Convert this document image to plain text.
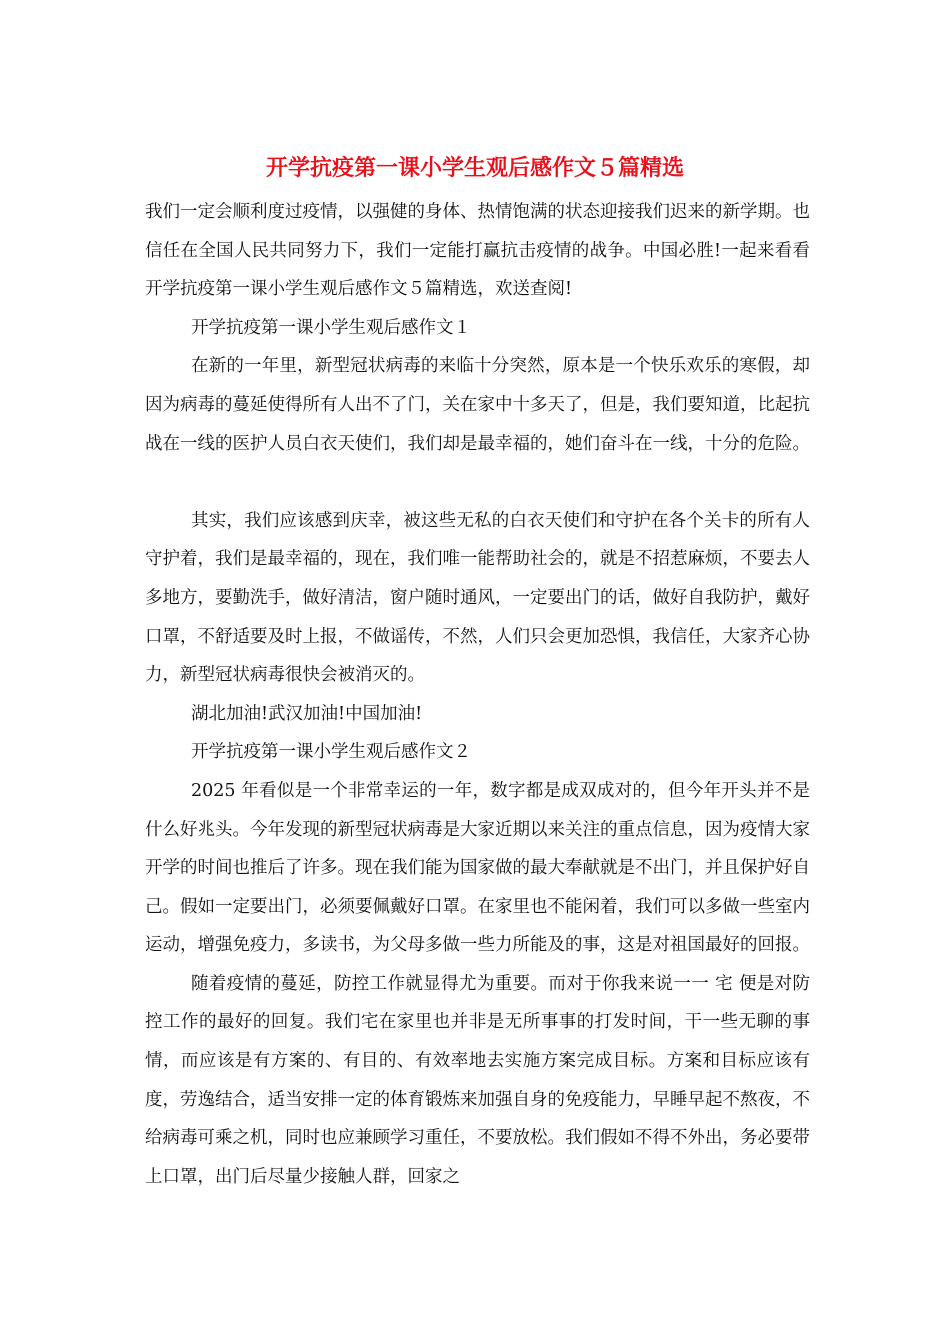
开学抗疫第一课小学生观后感作文５篇精选

我们一定会顺利度过疫情，以强健的身体、热情饱满的状态迎接我们迟来的新学期。也信任在全国人民共同努力下，我们一定能打赢抗击疫情的战争。中国必胜!一起来看看开学抗疫第一课小学生观后感作文５篇精选，欢送查阅!

开学抗疫第一课小学生观后感作文１

在新的一年里，新型冠状病毒的来临十分突然，原本是一个快乐欢乐的寒假，却因为病毒的蔓延使得所有人出不了门，关在家中十多天了，但是，我们要知道，比起抗战在一线的医护人员白衣天使们，我们却是最幸福的，她们奋斗在一线，十分的危险。

其实，我们应该感到庆幸，被这些无私的白衣天使们和守护在各个关卡的所有人守护着，我们是最幸福的，现在，我们唯一能帮助社会的，就是不招惹麻烦，不要去人多地方，要勤洗手，做好清洁，窗户随时通风，一定要出门的话，做好自我防护，戴好口罩，不舒适要及时上报，不做谣传，不然，人们只会更加恐惧，我信任，大家齐心协力，新型冠状病毒很快会被消灭的。

湖北加油!武汉加油!中国加油!

开学抗疫第一课小学生观后感作文２

2025 年看似是一个非常幸运的一年，数字都是成双成对的，但今年开头并不是什么好兆头。今年发现的新型冠状病毒是大家近期以来关注的重点信息，因为疫情大家开学的时间也推后了许多。现在我们能为国家做的最大奉献就是不出门，并且保护好自己。假如一定要出门，必须要佩戴好口罩。在家里也不能闲着，我们可以多做一些室内运动，增强免疫力，多读书，为父母多做一些力所能及的事，这是对祖国最好的回报。

随着疫情的蔓延，防控工作就显得尤为重要。而对于你我来说一一 宅 便是对防控工作的最好的回复。我们宅在家里也并非是无所事事的打发时间，干一些无聊的事情，而应该是有方案的、有目的、有效率地去实施方案完成目标。方案和目标应该有度，劳逸结合，适当安排一定的体育锻炼来加强自身的免疫能力，早睡早起不熬夜，不给病毒可乘之机，同时也应兼顾学习重任，不要放松。我们假如不得不外出，务必要带上口罩，出门后尽量少接触人群，回家之
